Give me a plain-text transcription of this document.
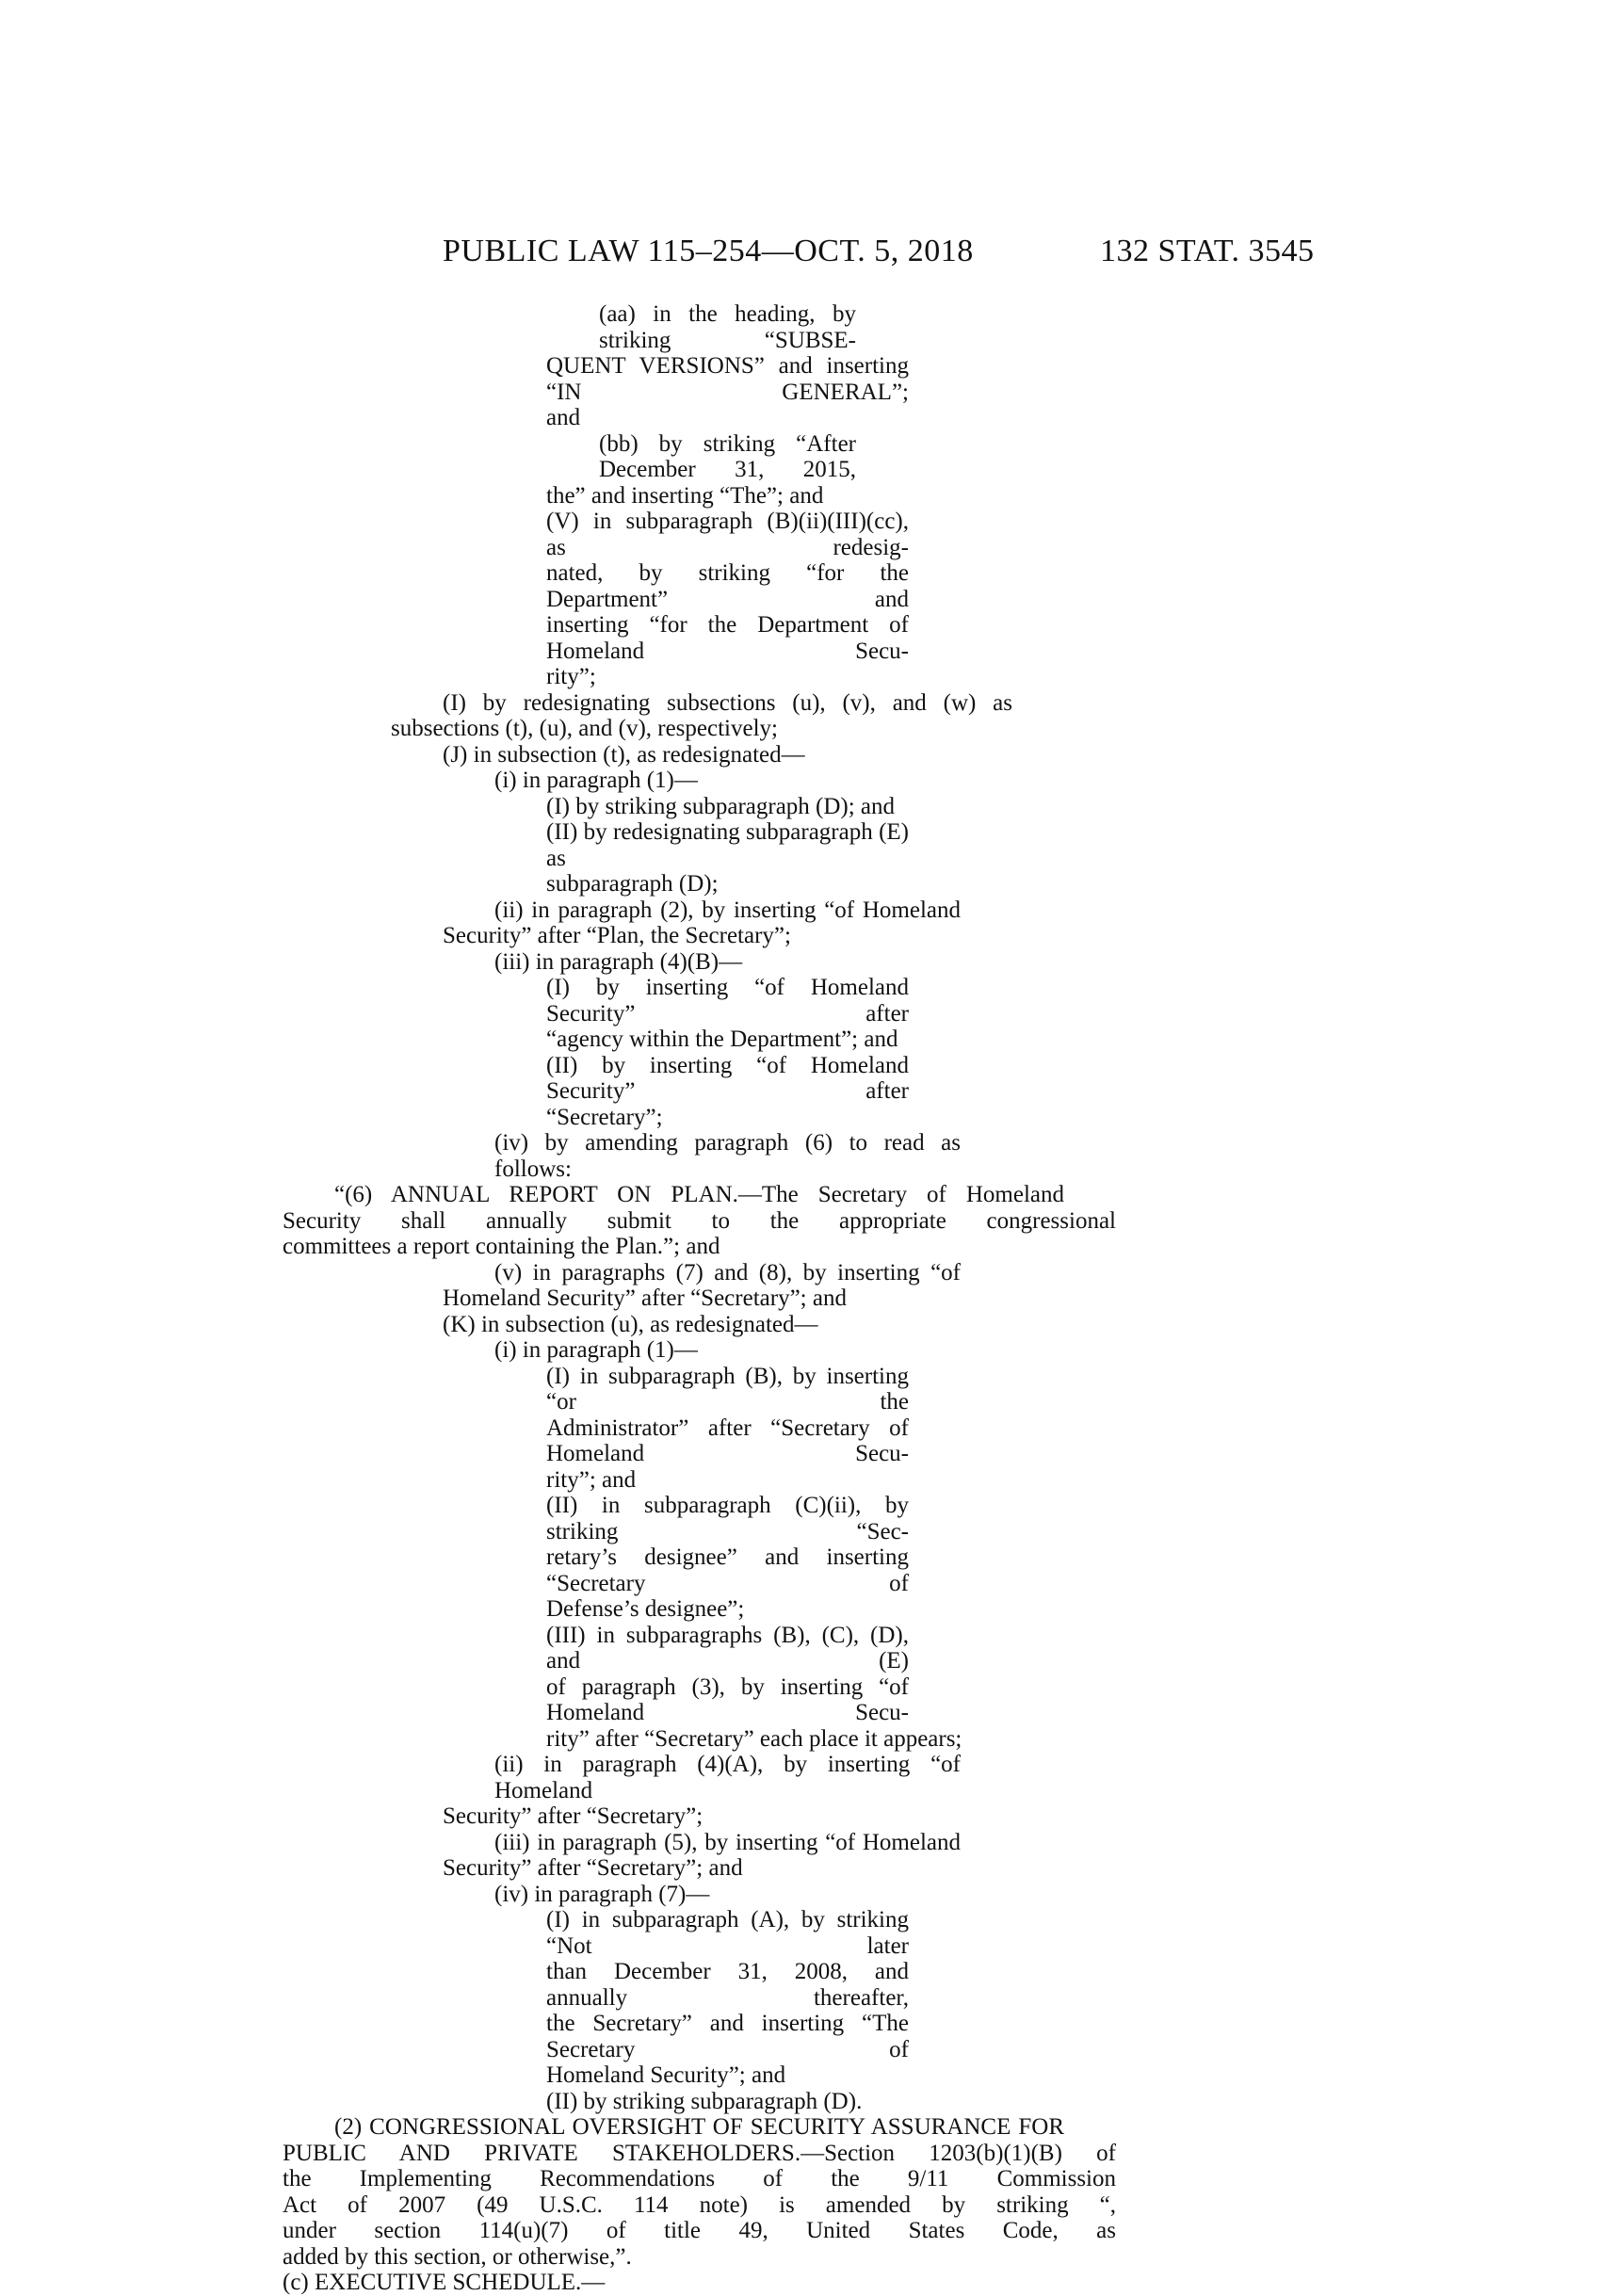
PUBLIC LAW 115–254—OCT. 5, 2018	132 STAT. 3545
(aa) in the heading, by striking “SUBSE-
QUENT VERSIONS” and inserting “IN GENERAL”;
and
(bb) by striking “After December 31, 2015,
the” and inserting “The”; and
(V) in subparagraph (B)(ii)(III)(cc), as redesig-
nated, by striking “for the Department” and
inserting “for the Department of Homeland Secu-
rity”;
(I) by redesignating subsections (u), (v), and (w) as
subsections (t), (u), and (v), respectively;
(J) in subsection (t), as redesignated—
(i) in paragraph (1)—
(I) by striking subparagraph (D); and
(II) by redesignating subparagraph (E) as
subparagraph (D);
(ii) in paragraph (2), by inserting “of Homeland
Security” after “Plan, the Secretary”;
(iii) in paragraph (4)(B)—
(I) by inserting “of Homeland Security” after
“agency within the Department”; and
(II) by inserting “of Homeland Security” after
“Secretary”;
(iv) by amending paragraph (6) to read as follows:
“(6) ANNUAL REPORT ON PLAN.—The Secretary of Homeland
Security shall annually submit to the appropriate congressional
committees a report containing the Plan.”; and
(v) in paragraphs (7) and (8), by inserting “of
Homeland Security” after “Secretary”; and
(K) in subsection (u), as redesignated—
(i) in paragraph (1)—
(I) in subparagraph (B), by inserting “or the
Administrator” after “Secretary of Homeland Secu-
rity”; and
(II) in subparagraph (C)(ii), by striking “Sec-
retary’s designee” and inserting “Secretary of
Defense’s designee”;
(III) in subparagraphs (B), (C), (D), and (E)
of paragraph (3), by inserting “of Homeland Secu-
rity” after “Secretary” each place it appears;
(ii) in paragraph (4)(A), by inserting “of Homeland
Security” after “Secretary”;
(iii) in paragraph (5), by inserting “of Homeland
Security” after “Secretary”; and
(iv) in paragraph (7)—
(I) in subparagraph (A), by striking “Not later
than December 31, 2008, and annually thereafter,
the Secretary” and inserting “The Secretary of
Homeland Security”; and
(II) by striking subparagraph (D).
(2) CONGRESSIONAL OVERSIGHT OF SECURITY ASSURANCE FOR
PUBLIC AND PRIVATE STAKEHOLDERS.—Section 1203(b)(1)(B) of
the Implementing Recommendations of the 9/11 Commission
Act of 2007 (49 U.S.C. 114 note) is amended by striking “,
under section 114(u)(7) of title 49, United States Code, as
added by this section, or otherwise,”.
(c) EXECUTIVE SCHEDULE.—
